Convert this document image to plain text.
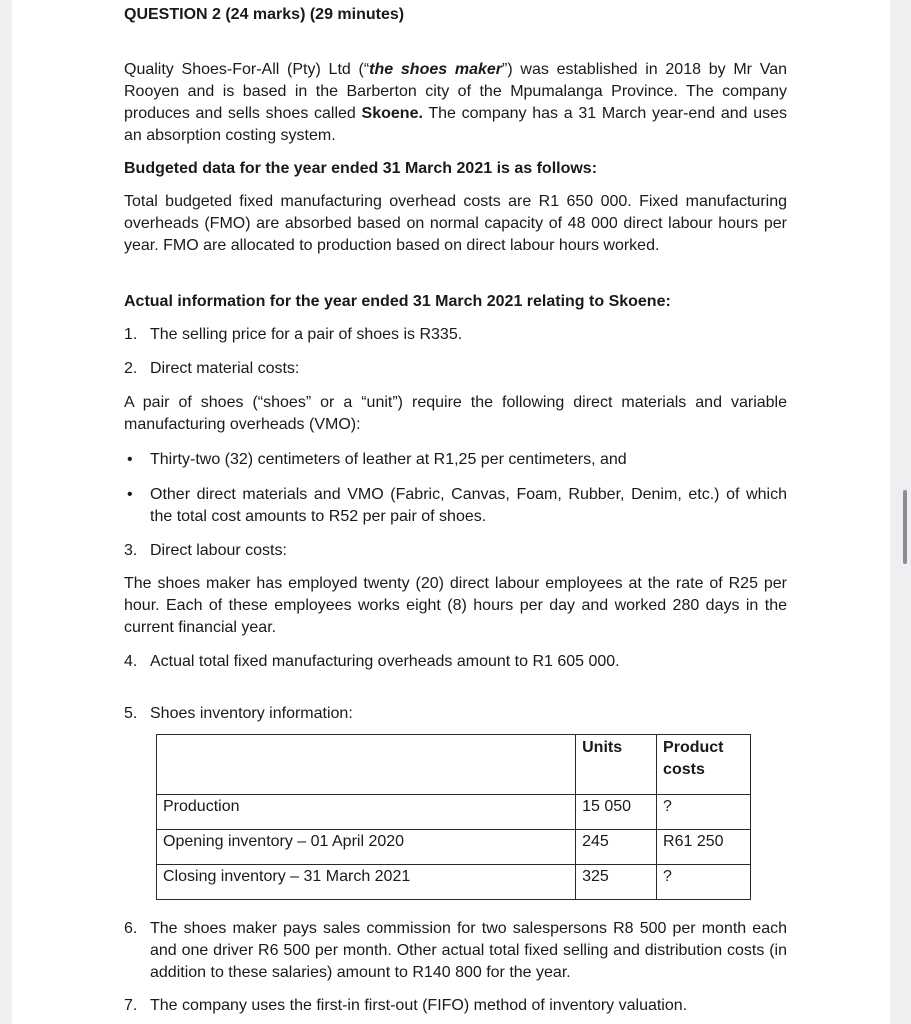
QUESTION 2 (24 marks) (29 minutes)
Quality Shoes-For-All (Pty) Ltd (“the shoes maker”) was established in 2018 by Mr Van Rooyen and is based in the Barberton city of the Mpumalanga Province. The company produces and sells shoes called Skoene. The company has a 31 March year-end and uses an absorption costing system.
Budgeted data for the year ended 31 March 2021 is as follows:
Total budgeted fixed manufacturing overhead costs are R1 650 000. Fixed manufacturing overheads (FMO) are absorbed based on normal capacity of 48 000 direct labour hours per year. FMO are allocated to production based on direct labour hours worked.
Actual information for the year ended 31 March 2021 relating to Skoene:
1. The selling price for a pair of shoes is R335.
2. Direct material costs:
A pair of shoes (“shoes” or a “unit”) require the following direct materials and variable manufacturing overheads (VMO):
• Thirty-two (32) centimeters of leather at R1,25 per centimeters, and
• Other direct materials and VMO (Fabric, Canvas, Foam, Rubber, Denim, etc.) of which the total cost amounts to R52 per pair of shoes.
3. Direct labour costs:
The shoes maker has employed twenty (20) direct labour employees at the rate of R25 per hour. Each of these employees works eight (8) hours per day and worked 280 days in the current financial year.
4. Actual total fixed manufacturing overheads amount to R1 605 000.
5. Shoes inventory information:
	Units	Product costs
Production	15 050	?
Opening inventory – 01 April 2020	245	R61 250
Closing inventory – 31 March 2021	325	?
6. The shoes maker pays sales commission for two salespersons R8 500 per month each and one driver R6 500 per month. Other actual total fixed selling and distribution costs (in addition to these salaries) amount to R140 800 for the year.
7. The company uses the first-in first-out (FIFO) method of inventory valuation.
